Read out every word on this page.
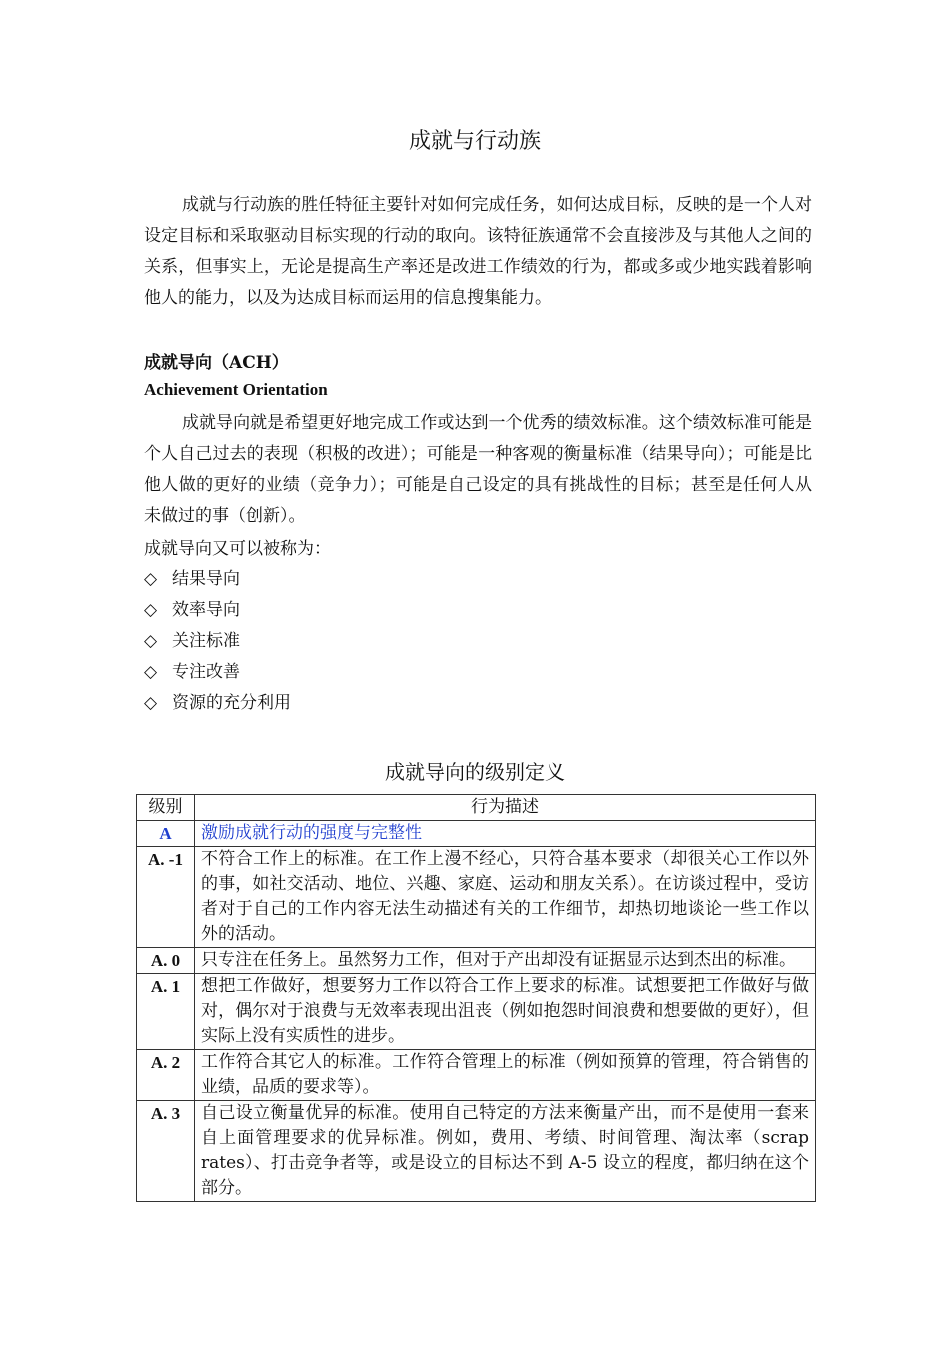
成就与行动族

成就与行动族的胜任特征主要针对如何完成任务，如何达成目标，反映的是一个人对设定目标和采取驱动目标实现的行动的取向。该特征族通常不会直接涉及与其他人之间的关系，但事实上，无论是提高生产率还是改进工作绩效的行为，都或多或少地实践着影响他人的能力，以及为达成目标而运用的信息搜集能力。

成就导向（ACH）
Achievement Orientation

成就导向就是希望更好地完成工作或达到一个优秀的绩效标准。这个绩效标准可能是个人自己过去的表现（积极的改进）；可能是一种客观的衡量标准（结果导向）；可能是比他人做的更好的业绩（竞争力）；可能是自己设定的具有挑战性的目标；甚至是任何人从未做过的事（创新）。

成就导向又可以被称为：
◇ 结果导向
◇ 效率导向
◇ 关注标准
◇ 专注改善
◇ 资源的充分利用
成就导向的级别定义
级别	行为描述
A	激励成就行动的强度与完整性
A. -1	不符合工作上的标准。在工作上漫不经心，只符合基本要求（却很关心工作以外的事，如社交活动、地位、兴趣、家庭、运动和朋友关系）。在访谈过程中，受访者对于自己的工作内容无法生动描述有关的工作细节，却热切地谈论一些工作以外的活动。
A. 0	只专注在任务上。虽然努力工作，但对于产出却没有证据显示达到杰出的标准。
A. 1	想把工作做好，想要努力工作以符合工作上要求的标准。试想要把工作做好与做对，偶尔对于浪费与无效率表现出沮丧（例如抱怨时间浪费和想要做的更好），但实际上没有实质性的进步。
A. 2	工作符合其它人的标准。工作符合管理上的标准（例如预算的管理，符合销售的业绩，品质的要求等）。
A. 3	自己设立衡量优异的标准。使用自己特定的方法来衡量产出，而不是使用一套来自上面管理要求的优异标准。例如，费用、考绩、时间管理、淘汰率（scrap rates）、打击竞争者等，或是设立的目标达不到 A-5 设立的程度，都归纳在这个部分。
